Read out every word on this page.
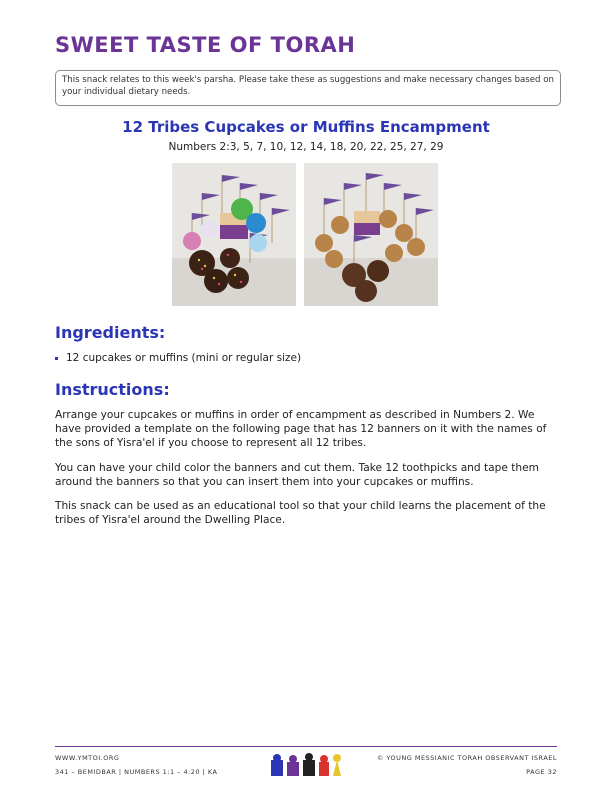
SWEET TASTE OF TORAH
This snack relates to this week's parsha. Please take these as suggestions and make necessary changes based on your individual dietary needs.
12 Tribes Cupcakes or Muffins Encampment
Numbers 2:3, 5, 7, 10, 12, 14, 18, 20, 22, 25, 27, 29
Ingredients:
12 cupcakes or muffins (mini or regular size)
Instructions:
Arrange your cupcakes or muffins in order of encampment as described in Numbers 2. We have provided a template on the following page that has 12 banners on it with the names of the sons of Yisra'el if you choose to represent all 12 tribes.
You can have your child color the banners and cut them. Take 12 toothpicks and tape them around the banners so that you can insert them into your cupcakes or muffins.
This snack can be used as an educational tool so that your child learns the placement of the tribes of Yisra'el around the Dwelling Place.
WWW.YMTOI.ORG
341 – BEMIDBAR | NUMBERS 1:1 – 4:20 | KA
© YOUNG MESSIANIC TORAH OBSERVANT ISRAEL
PAGE 32
